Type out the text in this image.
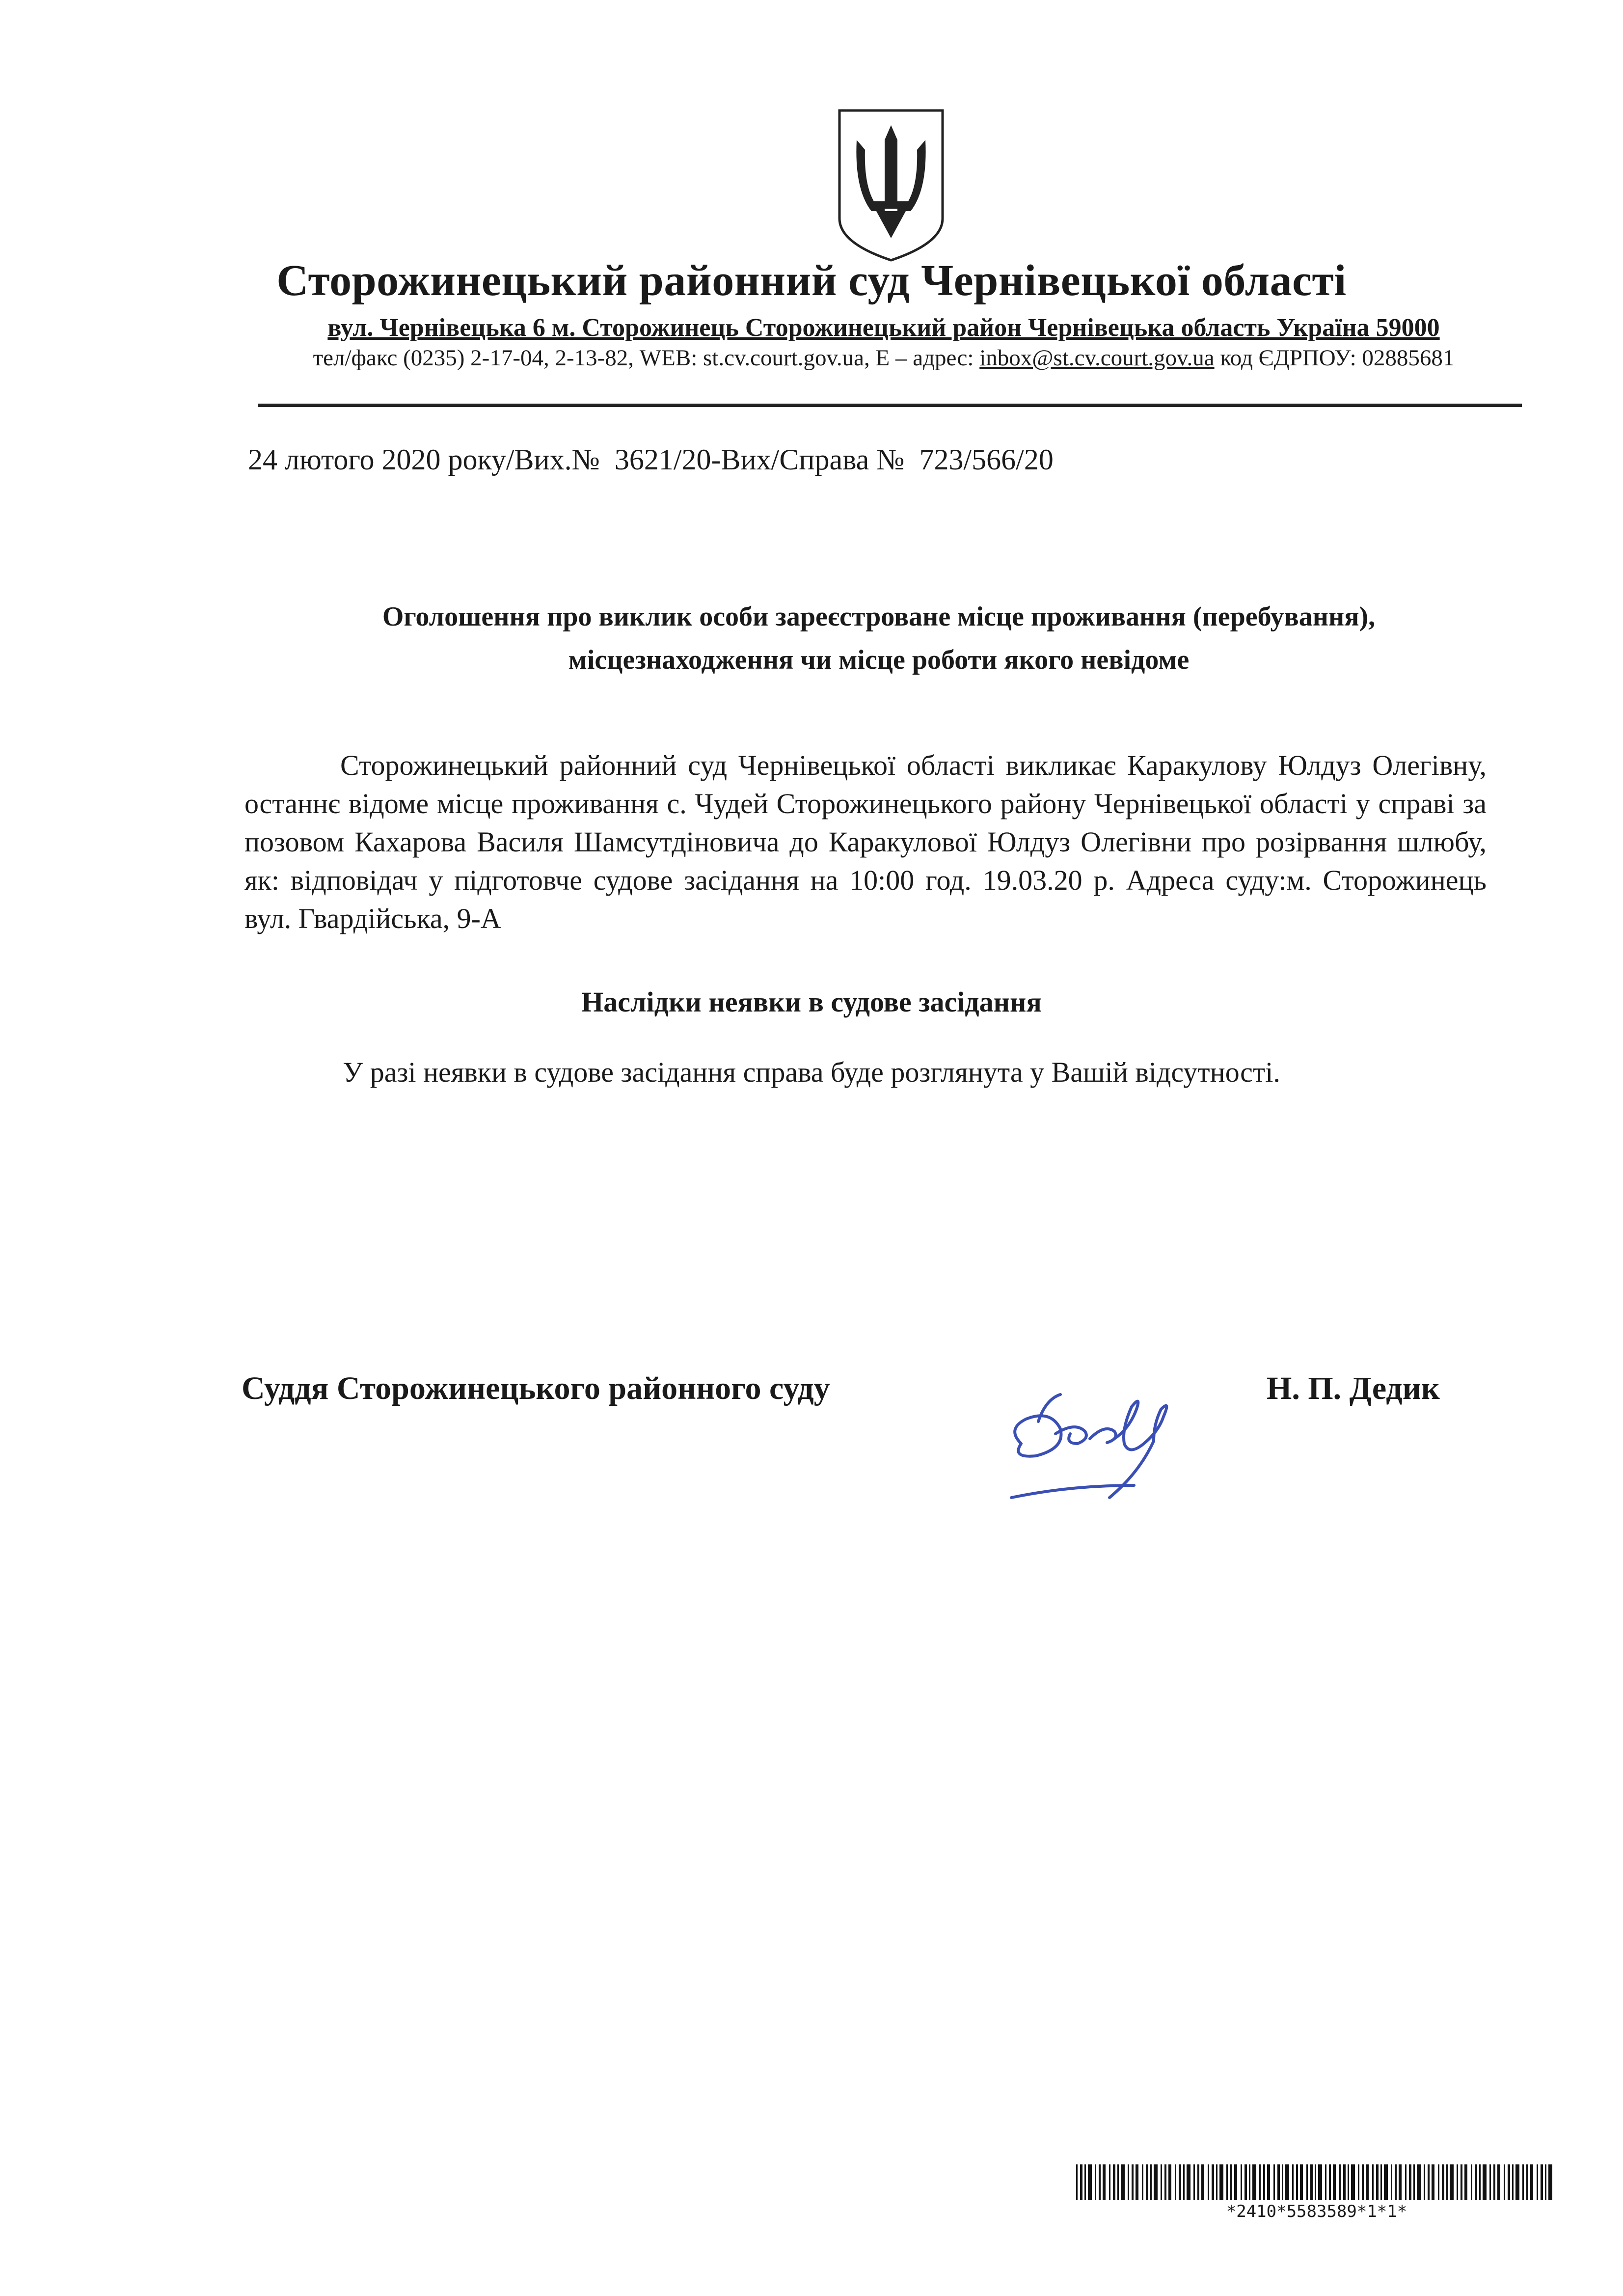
Сторожинецький районний суд Чернівецької області
вул. Чернівецька 6 м. Сторожинець Сторожинецький район Чернівецька область Україна 59000
тел/факс (0235) 2-17-04, 2-13-82, WEB: st.cv.court.gov.ua, E – адрес: inbox@st.cv.court.gov.ua код ЄДРПОУ: 02885681
24 лютого 2020 року/Вих.№  3621/20-Вих/Справа №  723/566/20
Оголошення про виклик особи зареєстроване місце проживання (перебування),
місцезнаходження чи місце роботи якого невідоме
Сторожинецький районний суд Чернівецької області викликає Каракулову Юлдуз Олегівну, останнє відоме місце проживання с. Чудей Сторожинецького району Чернівецької області у справі за позовом Кахарова Василя Шамсутдіновича до Каракулової Юлдуз Олегівни про розірвання шлюбу, як: відповідач у підготовче судове засідання на 10:00 год. 19.03.20 р. Адреса суду:м. Сторожинець вул. Гвардійська, 9-А
Наслідки неявки в судове засідання
У разі неявки в судове засідання справа буде розглянута у Вашій відсутності.
Суддя Сторожинецького районного суду	Н. П. Дедик
*2410*5583589*1*1*
